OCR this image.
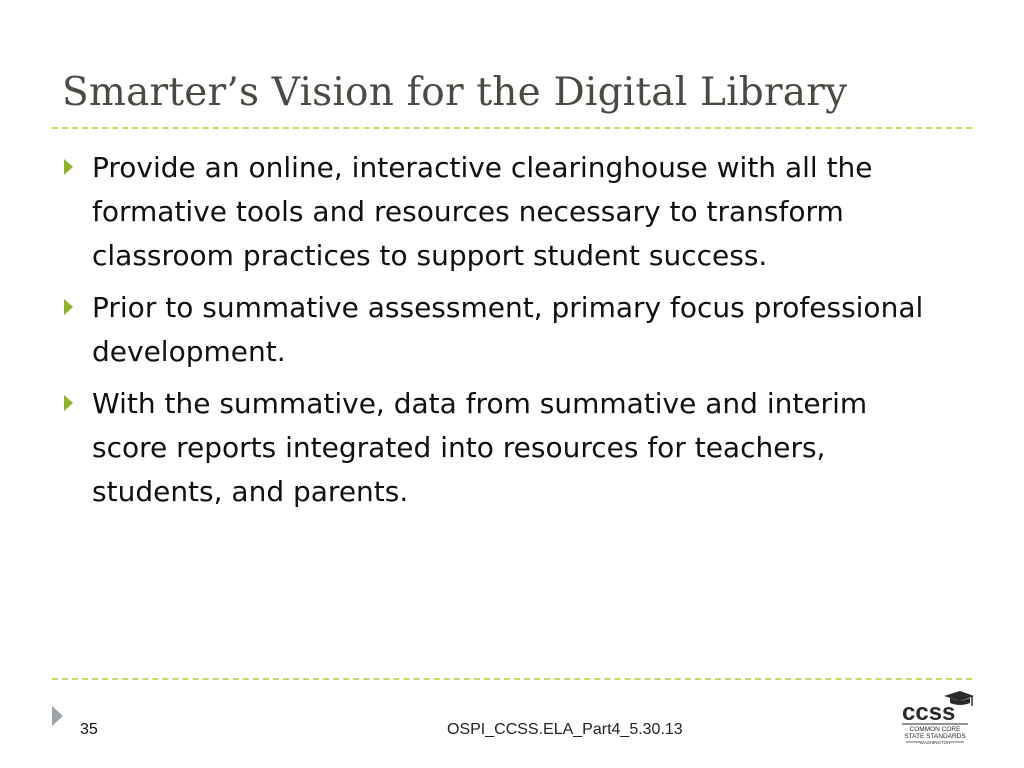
Smarter’s Vision for the Digital Library
Provide an online, interactive clearinghouse with all the formative tools and resources necessary to transform classroom practices to support student success.
Prior to summative assessment, primary focus professional development.
With the summative, data from summative and interim score reports integrated into resources for teachers, students, and parents.
35	OSPI_CCSS.ELA_Part4_5.30.13
ccss
COMMON CORE
STATE STANDARDS
WASHINGTON
